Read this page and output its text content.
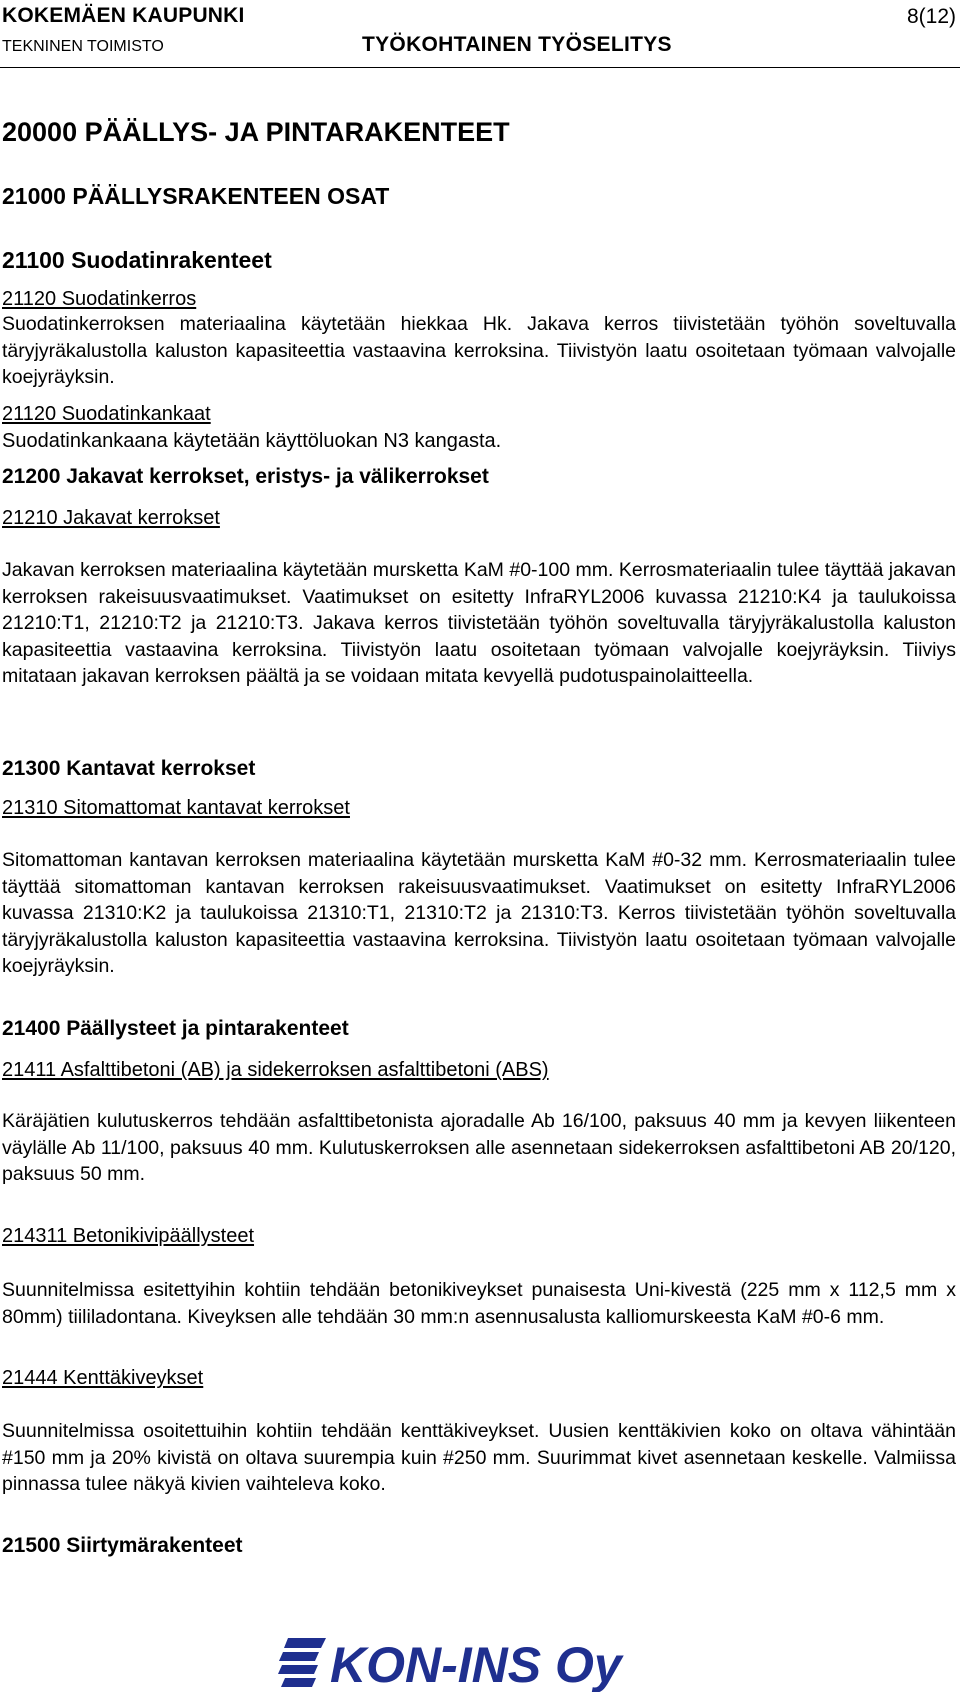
KOKEMÄEN KAUPUNKI	8(12)
TEKNINEN TOIMISTO	TYÖKOHTAINEN TYÖSELITYS
20000 PÄÄLLYS- JA PINTARAKENTEET
21000 PÄÄLLYSRAKENTEEN OSAT
21100 Suodatinrakenteet
21120 Suodatinkerros
Suodatinkerroksen materiaalina käytetään hiekkaa Hk. Jakava kerros tiivistetään työhön soveltuvalla täryjyräkalustolla kaluston kapasiteettia vastaavina kerroksina. Tiivistyön laatu osoitetaan työmaan valvojalle koejyräyksin.
21120 Suodatinkankaat
Suodatinkankaana käytetään käyttöluokan N3 kangasta.
21200 Jakavat kerrokset, eristys- ja välikerrokset
21210 Jakavat kerrokset
Jakavan kerroksen materiaalina käytetään mursketta KaM #0-100 mm. Kerrosmateriaalin tulee täyttää jakavan kerroksen rakeisuusvaatimukset. Vaatimukset on esitetty InfraRYL2006 kuvassa 21210:K4 ja taulukoissa 21210:T1, 21210:T2 ja 21210:T3. Jakava kerros tiivistetään työhön soveltuvalla täryjyräkalustolla kaluston kapasiteettia vastaavina kerroksina. Tiivistyön laatu osoitetaan työmaan valvojalle koejyräyksin. Tiiviys mitataan jakavan kerroksen päältä ja se voidaan mitata kevyellä pudotuspainolaitteella.
21300 Kantavat kerrokset
21310 Sitomattomat kantavat kerrokset
Sitomattoman kantavan kerroksen materiaalina käytetään mursketta KaM #0-32 mm. Kerrosmateriaalin tulee täyttää sitomattoman kantavan kerroksen rakeisuusvaatimukset. Vaatimukset on esitetty InfraRYL2006 kuvassa 21310:K2 ja taulukoissa 21310:T1, 21310:T2 ja 21310:T3. Kerros tiivistetään työhön soveltuvalla täryjyräkalustolla kaluston kapasiteettia vastaavina kerroksina. Tiivistyön laatu osoitetaan työmaan valvojalle koejyräyksin.
21400 Päällysteet ja pintarakenteet
21411 Asfalttibetoni (AB) ja sidekerroksen asfalttibetoni (ABS)
Käräjätien kulutuskerros tehdään asfalttibetonista ajoradalle Ab 16/100, paksuus 40 mm ja kevyen liikenteen väylälle Ab 11/100, paksuus 40 mm. Kulutuskerroksen alle asennetaan sidekerroksen asfalttibetoni AB 20/120, paksuus 50 mm.
214311 Betonikivipäällysteet
Suunnitelmissa esitettyihin kohtiin tehdään betonikiveykset punaisesta Uni-kivestä (225 mm x 112,5 mm x 80mm) tiililadontana. Kiveyksen alle tehdään 30 mm:n asennusalusta kalliomurskeesta KaM #0-6 mm.
21444 Kenttäkiveykset
Suunnitelmissa osoitettuihin kohtiin tehdään kenttäkiveykset. Uusien kenttäkivien koko on oltava vähintään #150 mm ja 20% kivistä on oltava suurempia kuin #250 mm. Suurimmat kivet asennetaan keskelle. Valmiissa pinnassa tulee näkyä kivien vaihteleva koko.
21500 Siirtymärakenteet
KON-INS Oy
